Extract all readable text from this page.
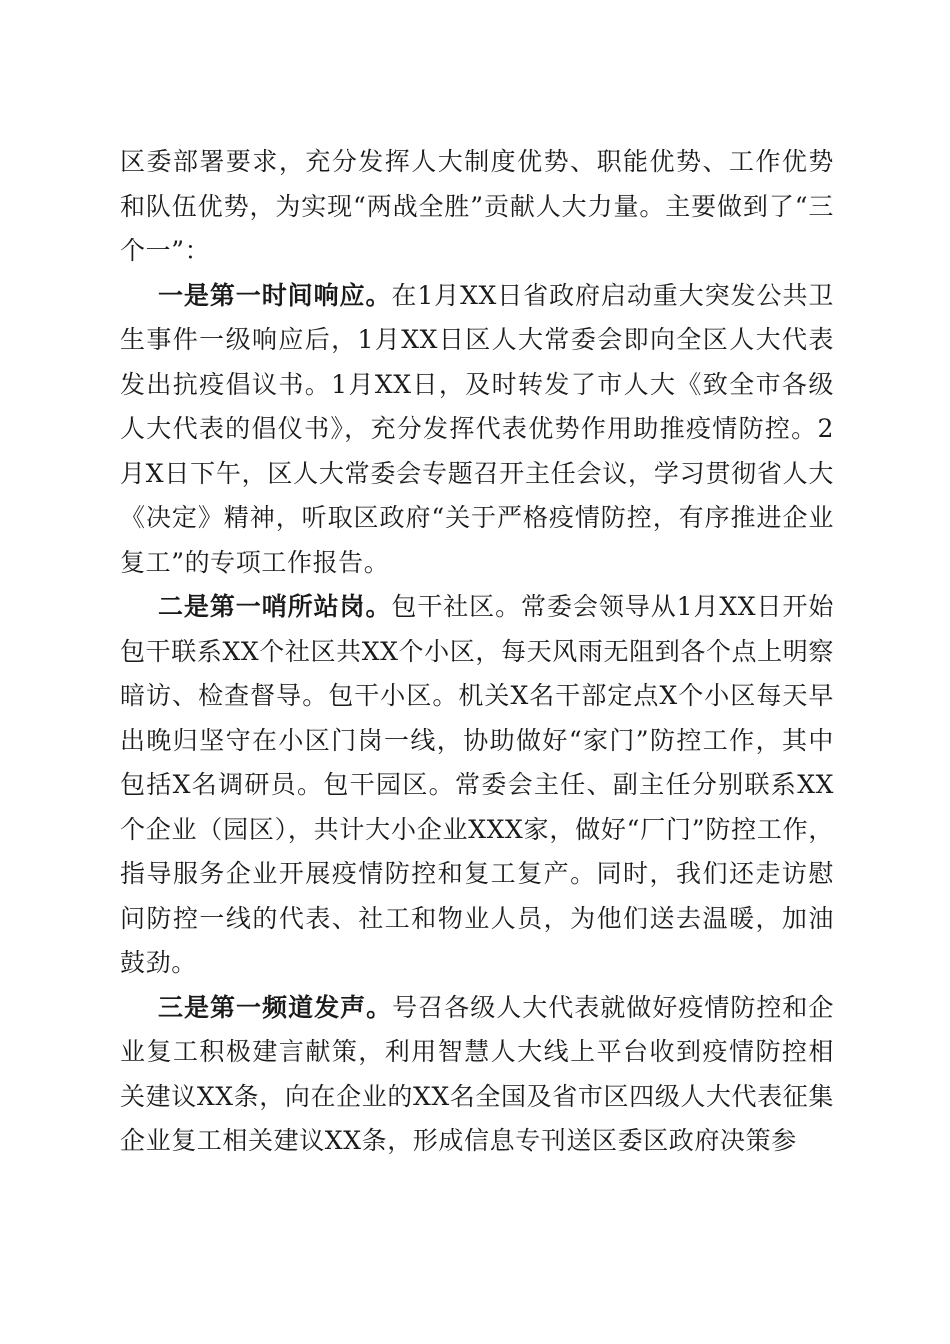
区委部署要求，充分发挥人大制度优势、职能优势、工作优势和队伍优势，为实现“两战全胜”贡献人大力量。主要做到了“三个一”：

一是第一时间响应。在1月XX日省政府启动重大突发公共卫生事件一级响应后，1月XX日区人大常委会即向全区人大代表发出抗疫倡议书。1月XX日，及时转发了市人大《致全市各级人大代表的倡仪书》，充分发挥代表优势作用助推疫情防控。2月X日下午，区人大常委会专题召开主任会议，学习贯彻省人大《决定》精神，听取区政府“关于严格疫情防控，有序推进企业复工”的专项工作报告。

二是第一哨所站岗。包干社区。常委会领导从1月XX日开始包干联系XX个社区共XX个小区，每天风雨无阻到各个点上明察暗访、检查督导。包干小区。机关X名干部定点X个小区每天早出晚归坚守在小区门岗一线，协助做好“家门”防控工作，其中包括X名调研员。包干园区。常委会主任、副主任分别联系XX个企业（园区），共计大小企业XXX家，做好“厂门”防控工作，指导服务企业开展疫情防控和复工复产。同时，我们还走访慰问防控一线的代表、社工和物业人员，为他们送去温暖，加油鼓劲。

三是第一频道发声。号召各级人大代表就做好疫情防控和企业复工积极建言献策，利用智慧人大线上平台收到疫情防控相关建议XX条，向在企业的XX名全国及省市区四级人大代表征集企业复工相关建议XX条，形成信息专刊送区委区政府决策参
